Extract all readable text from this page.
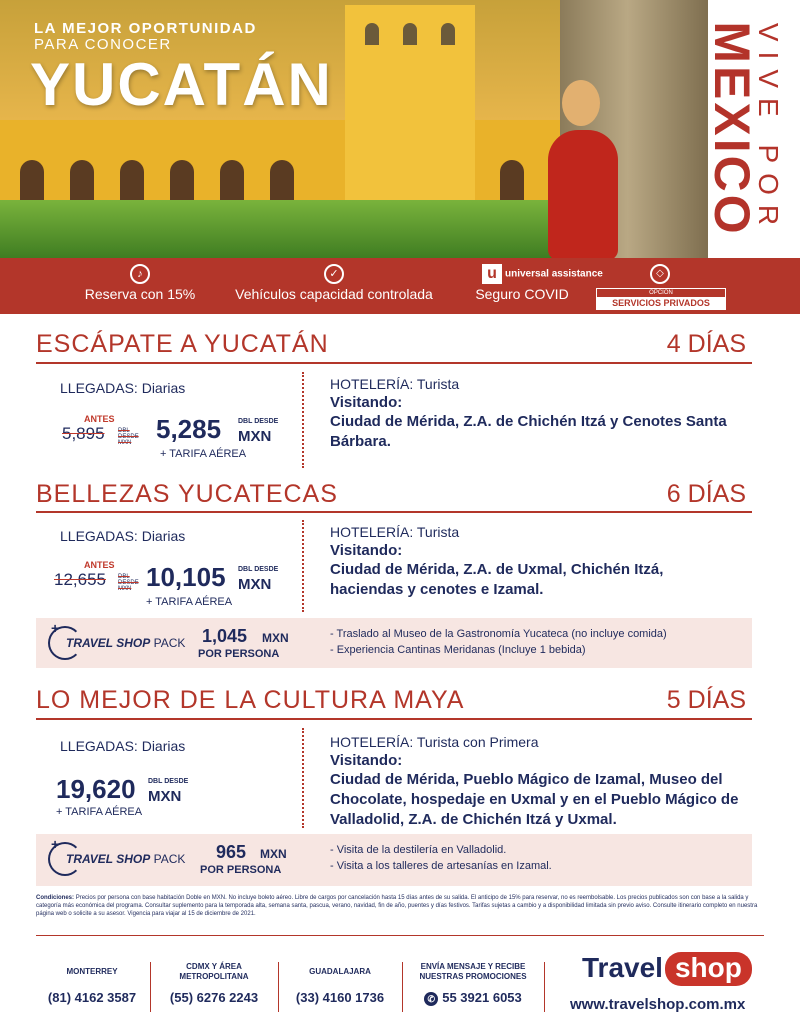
LA MEJOR OPORTUNIDAD
PARA CONOCER
YUCATÁN	VIVE POR
MEXICO
♪
Reserva con 15%
✓
Vehículos capacidad controlada
u universal assistance
Seguro COVID
◇
OPCIÓN
SERVICIOS PRIVADOS
ESCÁPATE A YUCATÁN	4 DÍAS
LLEGADAS: Diarias
ANTES
5,895 DBL DESDE MXN 5,285 DBL DESDE
MXN
+ TARIFA AÉREA
HOTELERÍA: Turista
Visitando:
Ciudad de Mérida, Z.A. de Chichén Itzá y Cenotes Santa Bárbara.
BELLEZAS YUCATECAS	6 DÍAS
LLEGADAS: Diarias
ANTES
12,655 DBL DESDE MXN 10,105 DBL DESDE
MXN
+ TARIFA AÉREA
HOTELERÍA: Turista
Visitando:
Ciudad de Mérida, Z.A. de Uxmal, Chichén Itzá, haciendas y cenotes e Izamal.
+
TRAVEL SHOP PACK 1,045 MXN
POR PERSONA
- Traslado al Museo de la Gastronomía Yucateca (no incluye comida)
- Experiencia Cantinas Meridanas (Incluye 1 bebida)
LO MEJOR DE LA CULTURA MAYA	5 DÍAS
LLEGADAS: Diarias
19,620 DBL DESDE
MXN
+ TARIFA AÉREA
HOTELERÍA: Turista con Primera
Visitando:
Ciudad de Mérida, Pueblo Mágico de Izamal, Museo del Chocolate, hospedaje en Uxmal y en el Pueblo Mágico de Valladolid, Z.A. de Chichén Itzá y Uxmal.
+
TRAVEL SHOP PACK 965 MXN
POR PERSONA
- Visita de la destilería en Valladolid.
- Visita a los talleres de artesanías en Izamal.
Condiciones: Precios por persona con base habitación Doble en MXN. No incluye boleto aéreo. Libre de cargos por cancelación hasta 15 días antes de su salida. El anticipo de 15% para reservar, no es reembolsable. Los precios publicados son con base a la salida y categoría más económica del programa. Consultar suplemento para la temporada alta, semana santa, pascua, verano, navidad, fin de año, puentes y días festivos. Tarifas sujetas a cambio y a disponibilidad limitada sin previo aviso. Consulte itinerario completo en nuestra página web o solicite a su asesor. Vigencia para viajar al 15 de diciembre de 2021.
MONTERREY
(81) 4162 3587
CDMX Y ÁREA METROPOLITANA
(55) 6276 2243
GUADALAJARA
(33) 4160 1736
ENVÍA MENSAJE Y RECIBE NUESTRAS PROMOCIONES
✆ 55 3921 6053
Travel shop
www.travelshop.com.mx
